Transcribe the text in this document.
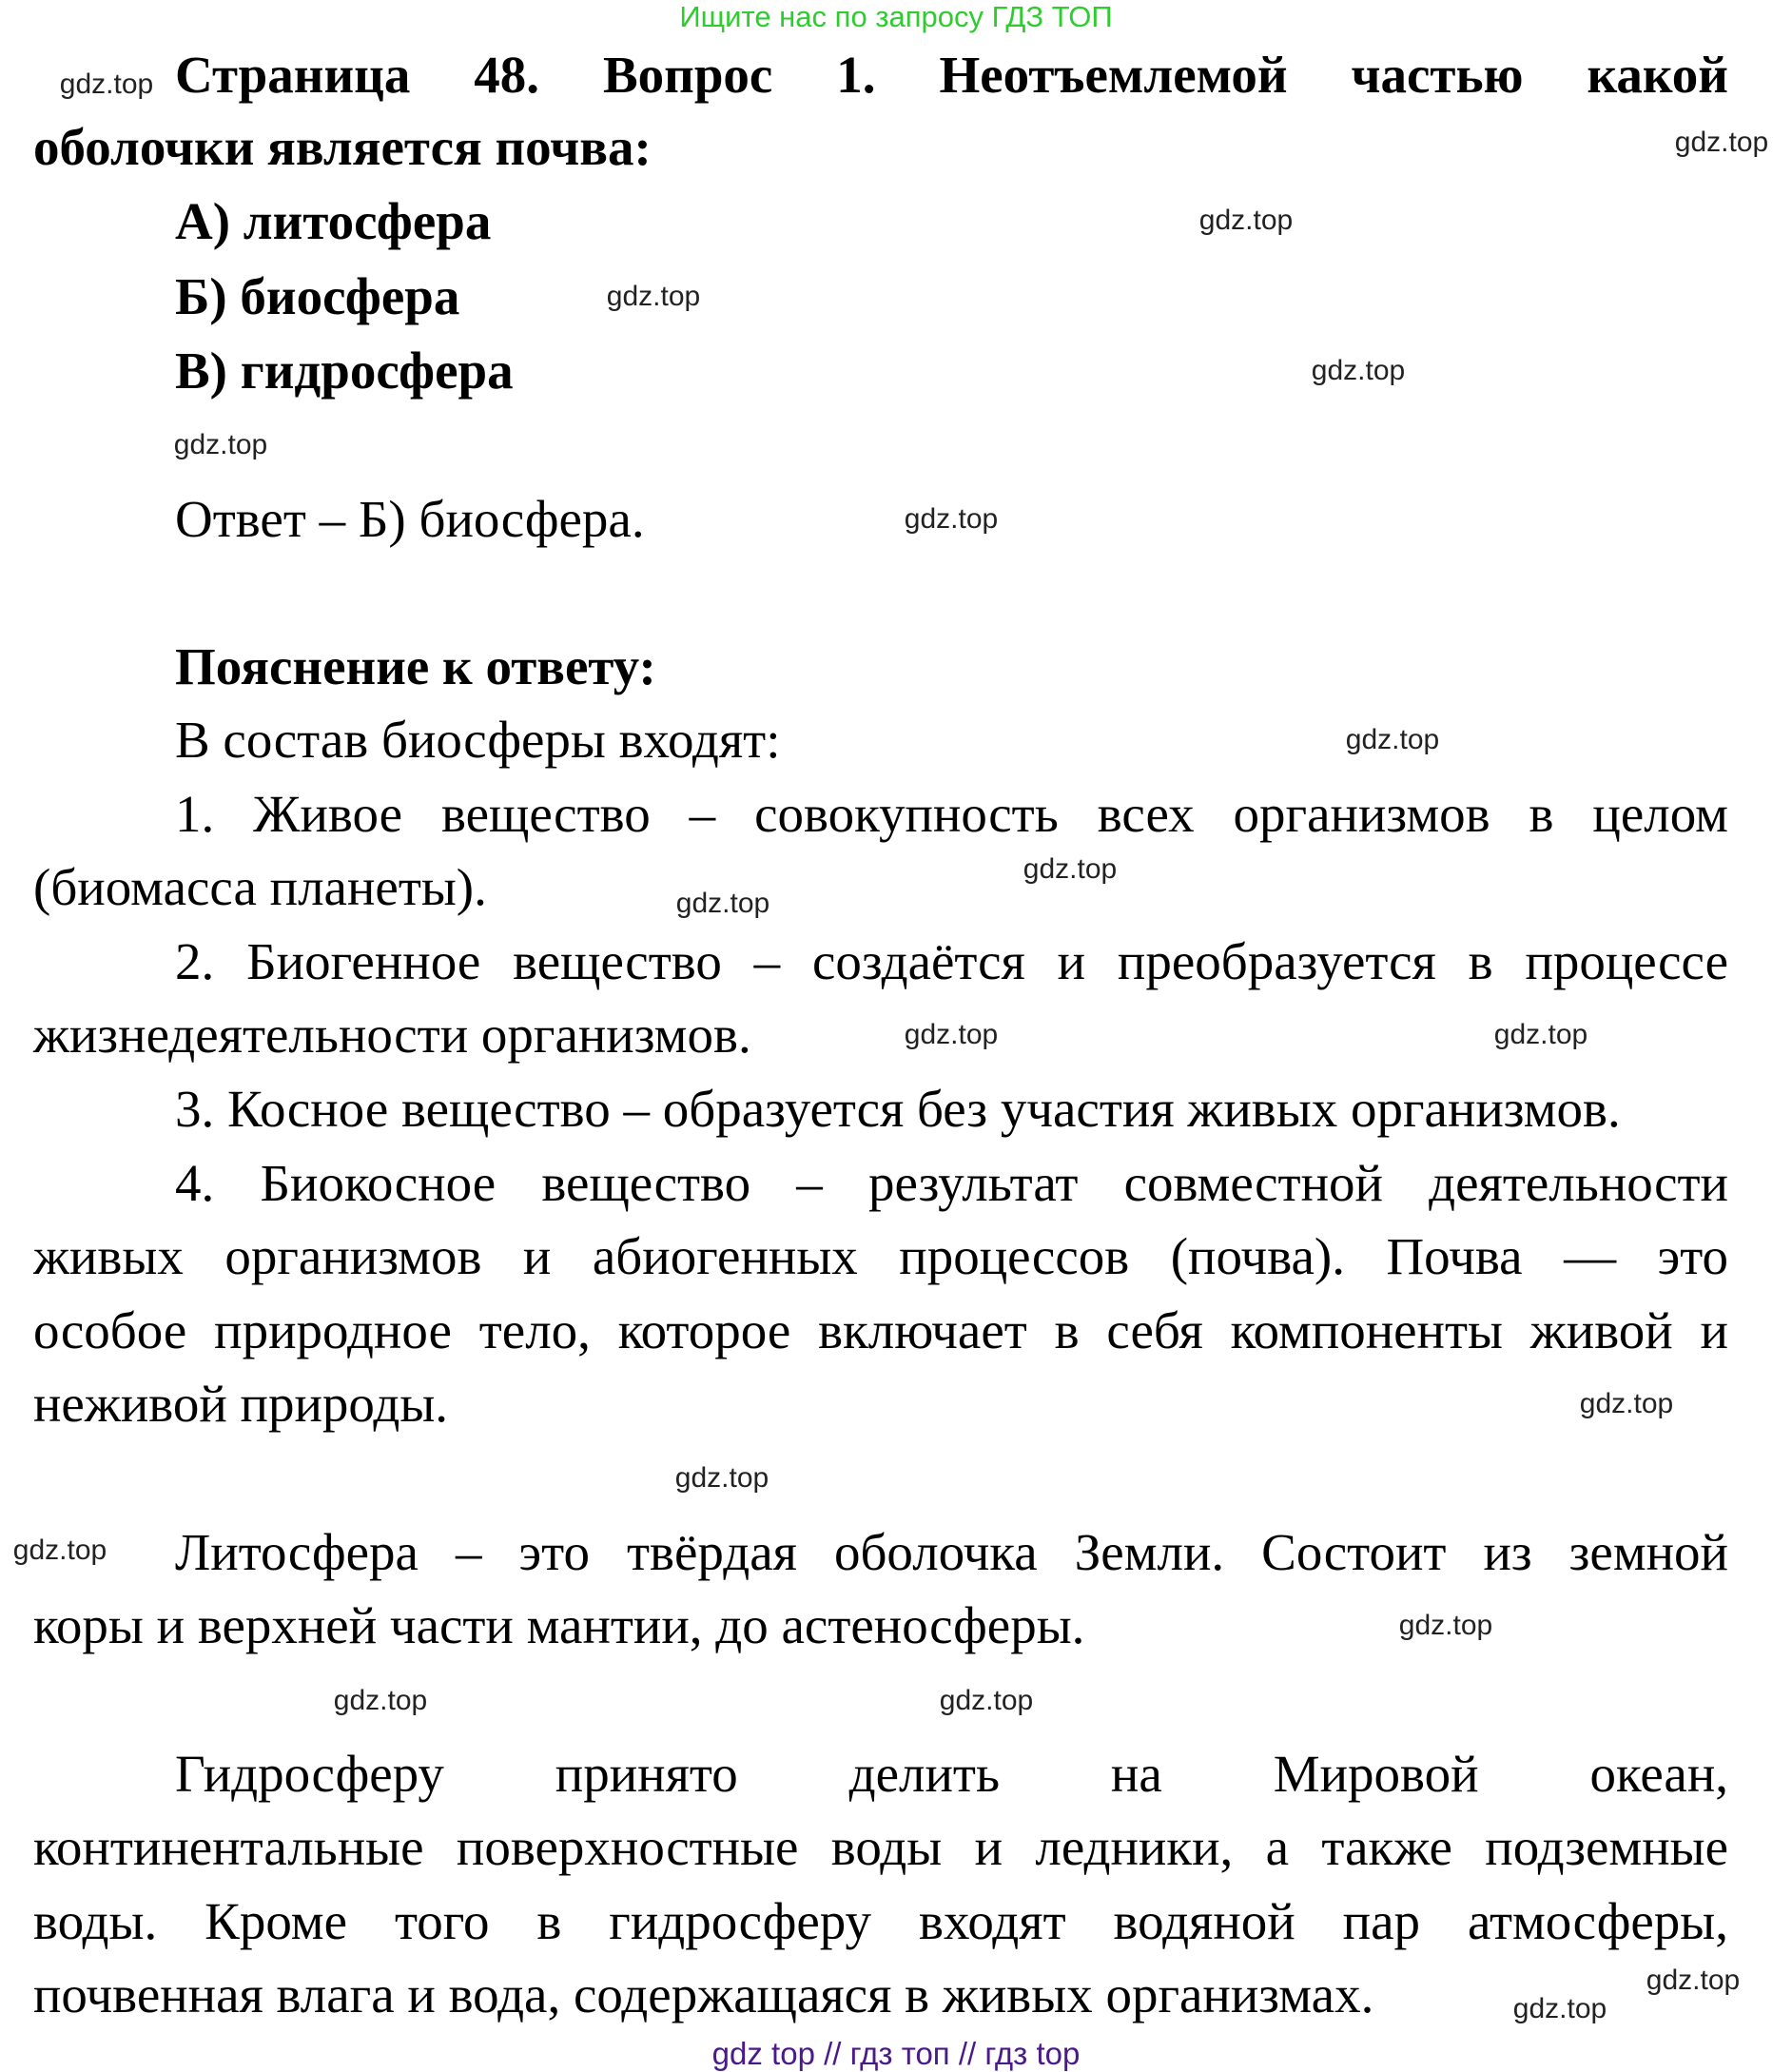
Ищите нас по запросу ГДЗ ТОП
Страница 48. Вопрос 1. Неотъемлемой частью какой
оболочки является почва:
А) литосфера
Б) биосфера
В) гидросфера
Ответ – Б) биосфера.
Пояснение к ответу:
В состав биосферы входят:
1. Живое вещество – совокупность всех организмов в целом
(биомасса планеты).
2. Биогенное вещество – создаётся и преобразуется в процессе
жизнедеятельности организмов.
3. Косное вещество – образуется без участия живых организмов.
4. Биокосное вещество – результат совместной деятельности
живых организмов и абиогенных процессов (почва). Почва — это
особое природное тело, которое включает в себя компоненты живой и
неживой природы.
Литосфера – это твёрдая оболочка Земли. Состоит из земной
коры и верхней части мантии, до астеносферы.
Гидросферу принято делить на Мировой океан,
континентальные поверхностные воды и ледники, а также подземные
воды. Кроме того в гидросферу входят водяной пар атмосферы,
почвенная влага и вода, содержащаяся в живых организмах.
gdz.top
gdz.top
gdz.top
gdz.top
gdz.top
gdz.top
gdz.top
gdz.top
gdz.top
gdz.top
gdz.top	gdz.top
gdz.top
gdz.top
gdz.top
gdz.top
gdz.top
gdz.top
gdz.top
gdz.top
gdz top // гдз топ // гдз top
